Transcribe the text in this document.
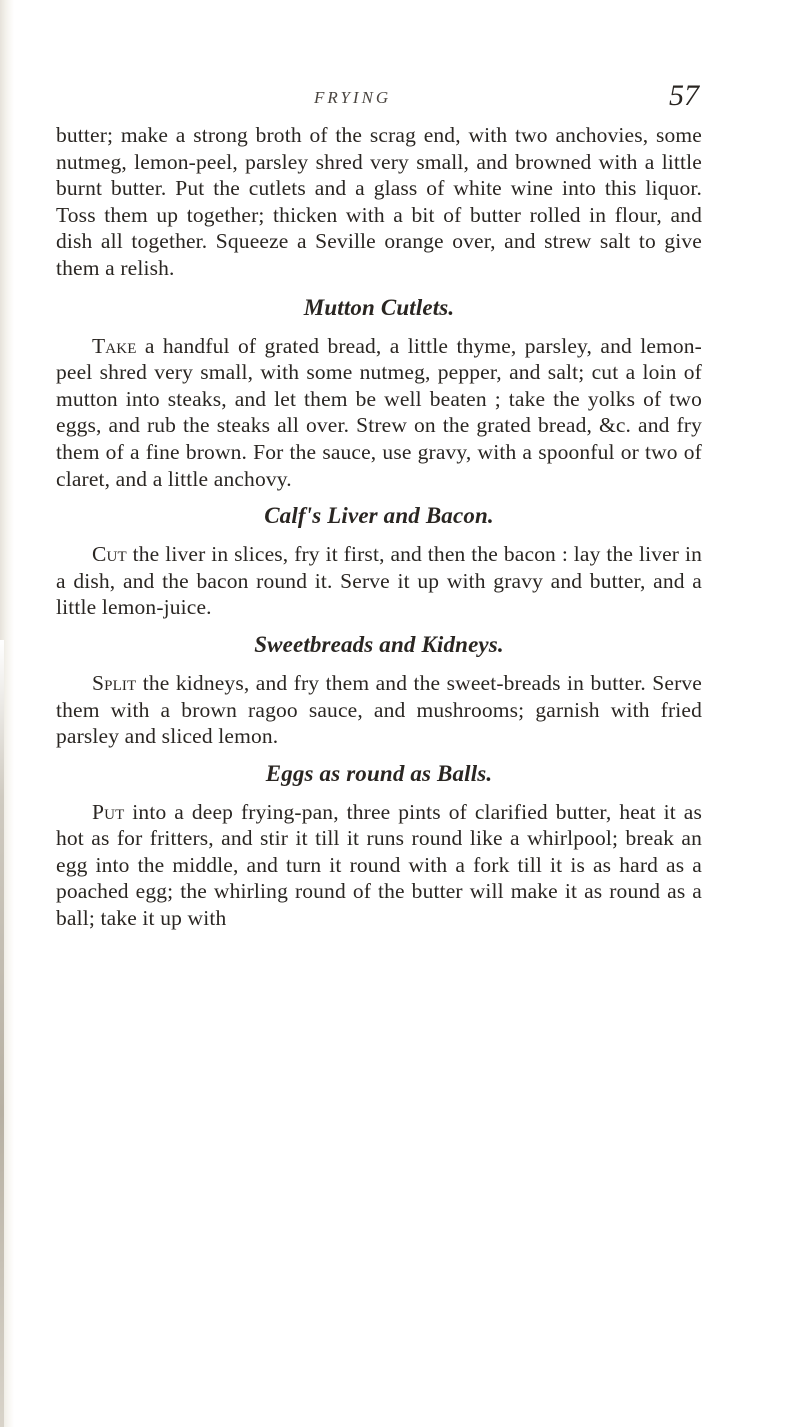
FRYING	57

butter; make a strong broth of the scrag end, with two anchovies, some nutmeg, lemon-peel, parsley shred very small, and browned with a little burnt butter. Put the cutlets and a glass of white wine into this liquor. Toss them up together; thicken with a bit of butter rolled in flour, and dish all together. Squeeze a Seville orange over, and strew salt to give them a relish.

Mutton Cutlets.

Take a handful of grated bread, a little thyme, parsley, and lemon-peel shred very small, with some nutmeg, pepper, and salt; cut a loin of mutton into steaks, and let them be well beaten ; take the yolks of two eggs, and rub the steaks all over. Strew on the grated bread, &c. and fry them of a fine brown. For the sauce, use gravy, with a spoonful or two of claret, and a little anchovy.

Calf's Liver and Bacon.

Cut the liver in slices, fry it first, and then the bacon : lay the liver in a dish, and the bacon round it. Serve it up with gravy and butter, and a little lemon-juice.

Sweetbreads and Kidneys.

Split the kidneys, and fry them and the sweet-breads in butter. Serve them with a brown ragoo sauce, and mushrooms; garnish with fried parsley and sliced lemon.

Eggs as round as Balls.

Put into a deep frying-pan, three pints of clarified butter, heat it as hot as for fritters, and stir it till it runs round like a whirlpool; break an egg into the middle, and turn it round with a fork till it is as hard as a poached egg; the whirling round of the butter will make it as round as a ball; take it up with
